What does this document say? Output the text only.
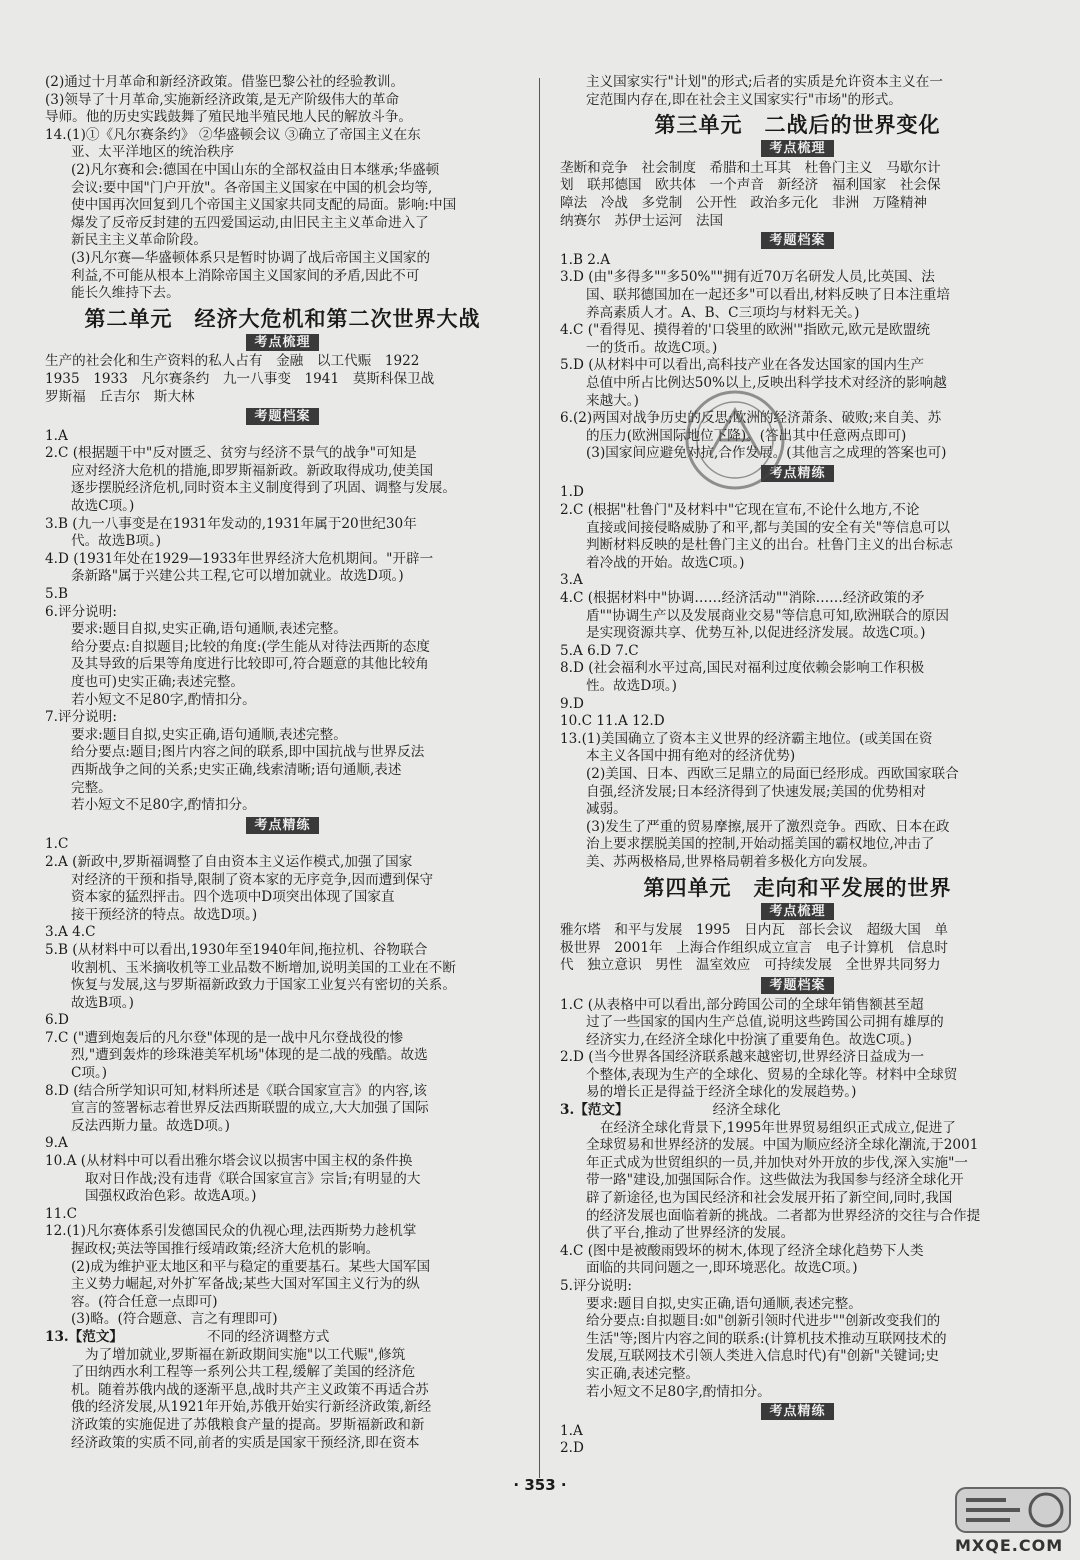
(2)通过十月革命和新经济政策。借鉴巴黎公社的经验教训。
(3)领导了十月革命,实施新经济政策,是无产阶级伟大的革命
导师。他的历史实践鼓舞了殖民地半殖民地人民的解放斗争。
14.(1)①《凡尔赛条约》 ②华盛顿会议 ③确立了帝国主义在东
亚、太平洋地区的统治秩序
(2)凡尔赛和会:德国在中国山东的全部权益由日本继承;华盛顿
会议:要中国"门户开放"。各帝国主义国家在中国的机会均等,
使中国再次回复到几个帝国主义国家共同支配的局面。影响:中国
爆发了反帝反封建的五四爱国运动,由旧民主主义革命进入了
新民主主义革命阶段。
(3)凡尔赛—华盛顿体系只是暂时协调了战后帝国主义国家的
利益,不可能从根本上消除帝国主义国家间的矛盾,因此不可
能长久维持下去。
第二单元　经济大危机和第二次世界大战
考点梳理
生产的社会化和生产资料的私人占有　金融　以工代赈　1922
1935　1933　凡尔赛条约　九一八事变　1941　莫斯科保卫战
罗斯福　丘吉尔　斯大林
考题档案
1.A
2.C (根据题干中"反对匮乏、贫穷与经济不景气的战争"可知是
应对经济大危机的措施,即罗斯福新政。新政取得成功,使美国
逐步摆脱经济危机,同时资本主义制度得到了巩固、调整与发展。
故选C项。)
3.B (九一八事变是在1931年发动的,1931年属于20世纪30年
代。故选B项。)
4.D (1931年处在1929—1933年世界经济大危机期间。"开辟一
条新路"属于兴建公共工程,它可以增加就业。故选D项。)
5.B
6.评分说明:
要求:题目自拟,史实正确,语句通顺,表述完整。
给分要点:自拟题目;比较的角度:(学生能从对待法西斯的态度
及其导致的后果等角度进行比较即可,符合题意的其他比较角
度也可)史实正确;表述完整。
若小短文不足80字,酌情扣分。
7.评分说明:
要求:题目自拟,史实正确,语句通顺,表述完整。
给分要点:题目;图片内容之间的联系,即中国抗战与世界反法
西斯战争之间的关系;史实正确,线索清晰;语句通顺,表述
完整。
若小短文不足80字,酌情扣分。
考点精练
1.C
2.A (新政中,罗斯福调整了自由资本主义运作模式,加强了国家
对经济的干预和指导,限制了资本家的无序竞争,因而遭到保守
资本家的猛烈抨击。四个选项中D项突出体现了国家直
接干预经济的特点。故选D项。)
3.A 4.C
5.B (从材料中可以看出,1930年至1940年间,拖拉机、谷物联合
收割机、玉米摘收机等工业品数不断增加,说明美国的工业在不断
恢复与发展,这与罗斯福新政致力于国家工业复兴有密切的关系。
故选B项。)
6.D
7.C ("遭到炮轰后的凡尔登"体现的是一战中凡尔登战役的惨
烈,"遭到轰炸的珍珠港美军机场"体现的是二战的残酷。故选
C项。)
8.D (结合所学知识可知,材料所述是《联合国家宣言》的内容,该
宣言的签署标志着世界反法西斯联盟的成立,大大加强了国际
反法西斯力量。故选D项。)
9.A
10.A (从材料中可以看出雅尔塔会议以损害中国主权的条件换
取对日作战;没有违背《联合国家宣言》宗旨;有明显的大
国强权政治色彩。故选A项。)
11.C
12.(1)凡尔赛体系引发德国民众的仇视心理,法西斯势力趁机掌
握政权;英法等国推行绥靖政策;经济大危机的影响。
(2)成为维护亚太地区和平与稳定的重要基石。某些大国军国
主义势力崛起,对外扩军备战;某些大国对军国主义行为的纵
容。(符合任意一点即可)
(3)略。(符合题意、言之有理即可)
13.【范文】	不同的经济调整方式
为了增加就业,罗斯福在新政期间实施"以工代赈",修筑
了田纳西水利工程等一系列公共工程,缓解了美国的经济危
机。随着苏俄内战的逐渐平息,战时共产主义政策不再适合苏
俄的经济发展,从1921年开始,苏俄开始实行新经济政策,新经
济政策的实施促进了苏俄粮食产量的提高。罗斯福新政和新
经济政策的实质不同,前者的实质是国家干预经济,即在资本
主义国家实行"计划"的形式;后者的实质是允许资本主义在一
定范围内存在,即在社会主义国家实行"市场"的形式。
第三单元　二战后的世界变化
考点梳理
垄断和竞争　社会制度　希腊和土耳其　杜鲁门主义　马歇尔计
划　联邦德国　欧共体　一个声音　新经济　福利国家　社会保
障法　冷战　多党制　公开性　政治多元化　非洲　万隆精神
纳赛尔　苏伊士运河　法国
考题档案
1.B 2.A
3.D (由"多得多""多50%""拥有近70万名研发人员,比英国、法
国、联邦德国加在一起还多"可以看出,材料反映了日本注重培
养高素质人才。A、B、C三项均与材料无关。)
4.C ("看得见、摸得着的'口袋里的欧洲'"指欧元,欧元是欧盟统
一的货币。故选C项。)
5.D (从材料中可以看出,高科技产业在各发达国家的国内生产
总值中所占比例达50%以上,反映出科学技术对经济的影响越
来越大。)
6.(2)两国对战争历史的反思;欧洲的经济萧条、破败;来自美、苏
的压力(欧洲国际地位下降)。(答出其中任意两点即可)
(3)国家间应避免对抗,合作发展。(其他言之成理的答案也可)
考点精练
1.D
2.C (根据"杜鲁门"及材料中"它现在宣布,不论什么地方,不论
直接或间接侵略威胁了和平,都与美国的安全有关"等信息可以
判断材料反映的是杜鲁门主义的出台。杜鲁门主义的出台标志
着冷战的开始。故选C项。)
3.A
4.C (根据材料中"协调……经济活动""消除……经济政策的矛
盾""协调生产以及发展商业交易"等信息可知,欧洲联合的原因
是实现资源共享、优势互补,以促进经济发展。故选C项。)
5.A 6.D 7.C
8.D (社会福利水平过高,国民对福利过度依赖会影响工作积极
性。故选D项。)
9.D
10.C 11.A 12.D
13.(1)美国确立了资本主义世界的经济霸主地位。(或美国在资
本主义各国中拥有绝对的经济优势)
(2)美国、日本、西欧三足鼎立的局面已经形成。西欧国家联合
自强,经济发展;日本经济得到了快速发展;美国的优势相对
减弱。
(3)发生了严重的贸易摩擦,展开了激烈竞争。西欧、日本在政
治上要求摆脱美国的控制,开始动摇美国的霸权地位,冲击了
美、苏两极格局,世界格局朝着多极化方向发展。
第四单元　走向和平发展的世界
考点梳理
雅尔塔　和平与发展　1995　日内瓦　部长会议　超级大国　单
极世界　2001年　上海合作组织成立宣言　电子计算机　信息时
代　独立意识　男性　温室效应　可持续发展　全世界共同努力
考题档案
1.C (从表格中可以看出,部分跨国公司的全球年销售额甚至超
过了一些国家的国内生产总值,说明这些跨国公司拥有雄厚的
经济实力,在经济全球化中扮演了重要角色。故选C项。)
2.D (当今世界各国经济联系越来越密切,世界经济日益成为一
个整体,表现为生产的全球化、贸易的全球化等。材料中全球贸
易的增长正是得益于经济全球化的发展趋势。)
3.【范文】	经济全球化
在经济全球化背景下,1995年世界贸易组织正式成立,促进了
全球贸易和世界经济的发展。中国为顺应经济全球化潮流,于2001
年正式成为世贸组织的一员,并加快对外开放的步伐,深入实施"一
带一路"建设,加强国际合作。这些做法为我国参与经济全球化开
辟了新途径,也为国民经济和社会发展开拓了新空间,同时,我国
的经济发展也面临着新的挑战。二者都为世界经济的交往与合作提
供了平台,推动了世界经济的发展。
4.C (图中是被酸雨毁坏的树木,体现了经济全球化趋势下人类
面临的共同问题之一,即环境恶化。故选C项。)
5.评分说明:
要求:题目自拟,史实正确,语句通顺,表述完整。
给分要点:自拟题目:如"创新引领时代进步""创新改变我们的
生活"等;图片内容之间的联系:(计算机技术推动互联网技术的
发展,互联网技术引领人类进入信息时代)有"创新"关键词;史
实正确,表述完整。
若小短文不足80字,酌情扣分。
考点精练
1.A
2.D
· 353 ·
MXQE.COM
